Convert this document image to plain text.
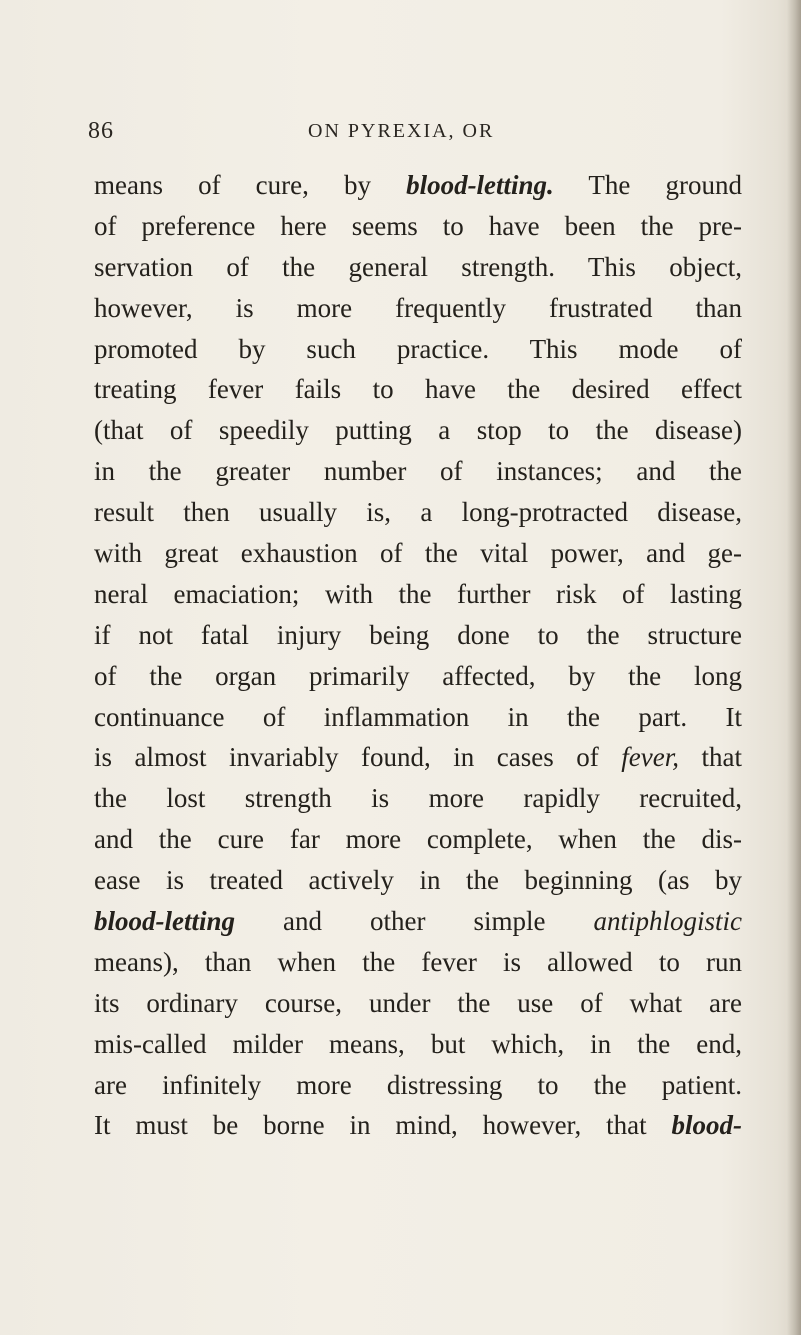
86	ON PYREXIA, OR
means of cure, by blood-letting. The ground
of preference here seems to have been the pre-
servation of the general strength. This object,
however, is more frequently frustrated than
promoted by such practice. This mode of
treating fever fails to have the desired effect
(that of speedily putting a stop to the disease)
in the greater number of instances; and the
result then usually is, a long-protracted disease,
with great exhaustion of the vital power, and ge-
neral emaciation; with the further risk of lasting
if not fatal injury being done to the structure
of the organ primarily affected, by the long
continuance of inflammation in the part. It
is almost invariably found, in cases of fever, that
the lost strength is more rapidly recruited,
and the cure far more complete, when the dis-
ease is treated actively in the beginning (as by
blood-letting and other simple antiphlogistic
means), than when the fever is allowed to run
its ordinary course, under the use of what are
mis-called milder means, but which, in the end,
are infinitely more distressing to the patient.
It must be borne in mind, however, that blood-
